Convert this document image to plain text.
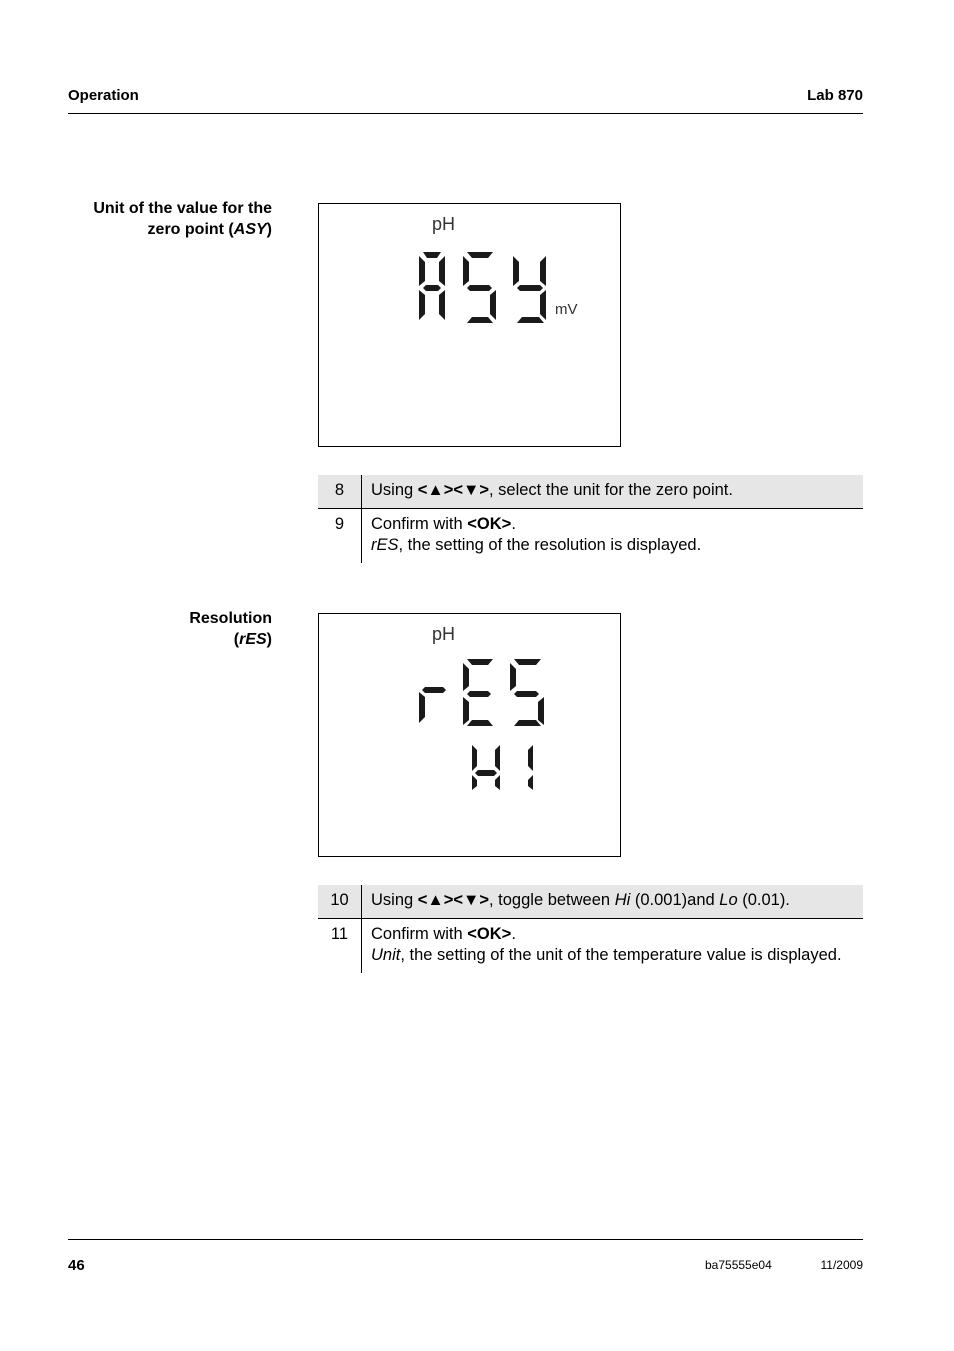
Operation	Lab 870
Unit of the value for the
zero point (ASY)	pH
mV
8	Using <▲><▼>, select the unit for the zero point.
9	Confirm with <OK>.
rES, the setting of the resolution is displayed.
Resolution
(rES)	pH
10	Using <▲><▼>, toggle between Hi (0.001)and Lo (0.01).
11	Confirm with <OK>.
Unit, the setting of the unit of the temperature value is displayed.
46	ba75555e04	11/2009
